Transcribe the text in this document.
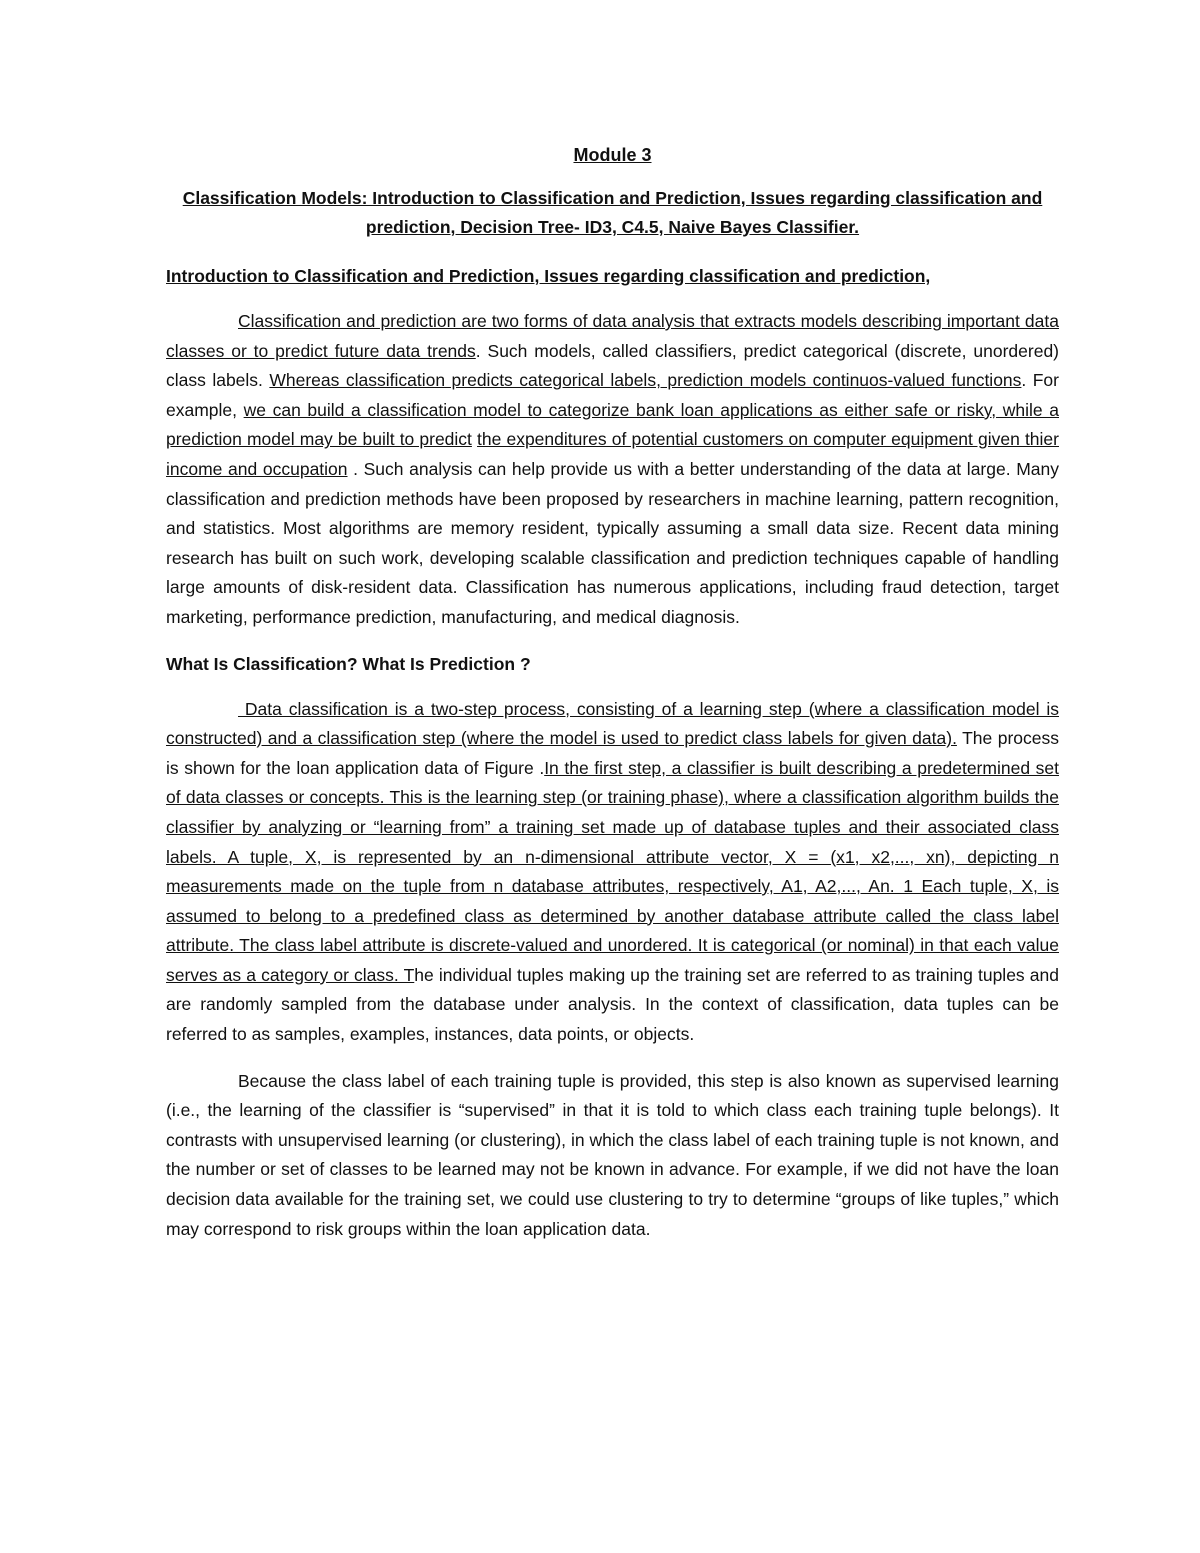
Module 3
Classification Models: Introduction to Classification and Prediction, Issues regarding classification and prediction, Decision Tree- ID3, C4.5, Naive Bayes Classifier.
Introduction to Classification and Prediction, Issues regarding classification and prediction,

Classification and prediction are two forms of data analysis that extracts models describing important data classes or to predict future data trends. Such models, called classifiers, predict categorical (discrete, unordered) class labels. Whereas classification predicts categorical labels, prediction models continuos-valued functions. For example, we can build a classification model to categorize bank loan applications as either safe or risky, while a prediction model may be built to predict the expenditures of potential customers on computer equipment given thier income and occupation . Such analysis can help provide us with a better understanding of the data at large. Many classification and prediction methods have been proposed by researchers in machine learning, pattern recognition, and statistics. Most algorithms are memory resident, typically assuming a small data size. Recent data mining research has built on such work, developing scalable classification and prediction techniques capable of handling large amounts of disk-resident data. Classification has numerous applications, including fraud detection, target marketing, performance prediction, manufacturing, and medical diagnosis.

What Is Classification? What Is Prediction ?

Data classification is a two-step process, consisting of a learning step (where a classification model is constructed) and a classification step (where the model is used to predict class labels for given data). The process is shown for the loan application data of Figure .In the first step, a classifier is built describing a predetermined set of data classes or concepts. This is the learning step (or training phase), where a classification algorithm builds the classifier by analyzing or “learning from” a training set made up of database tuples and their associated class labels. A tuple, X, is represented by an n-dimensional attribute vector, X = (x1, x2,..., xn), depicting n measurements made on the tuple from n database attributes, respectively, A1, A2,..., An. 1 Each tuple, X, is assumed to belong to a predefined class as determined by another database attribute called the class label attribute. The class label attribute is discrete-valued and unordered. It is categorical (or nominal) in that each value serves as a category or class. The individual tuples making up the training set are referred to as training tuples and are randomly sampled from the database under analysis. In the context of classification, data tuples can be referred to as samples, examples, instances, data points, or objects.

Because the class label of each training tuple is provided, this step is also known as supervised learning (i.e., the learning of the classifier is “supervised” in that it is told to which class each training tuple belongs). It contrasts with unsupervised learning (or clustering), in which the class label of each training tuple is not known, and the number or set of classes to be learned may not be known in advance. For example, if we did not have the loan decision data available for the training set, we could use clustering to try to determine “groups of like tuples,” which may correspond to risk groups within the loan application data.
